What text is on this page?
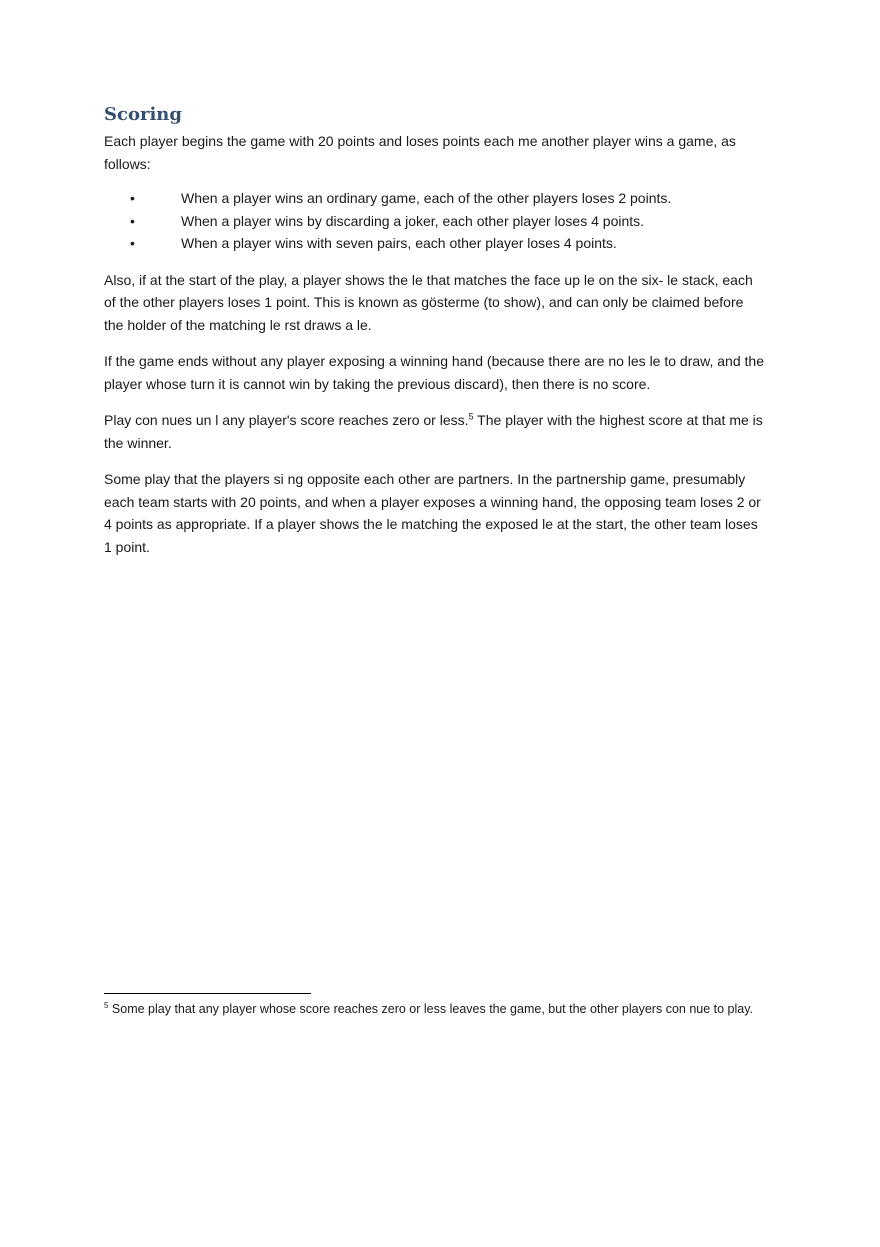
Scoring

Each player begins the game with 20 points and loses points each me another player wins a game, as follows:

•	When a player wins an ordinary game, each of the other players loses 2 points.
•	When a player wins by discarding a joker, each other player loses 4 points.
•	When a player wins with seven pairs, each other player loses 4 points.

Also, if at the start of the play, a player shows the le that matches the face up le on the six- le stack, each of the other players loses 1 point. This is known as gösterme (to show), and can only be claimed before the holder of the matching le rst draws a le.

If the game ends without any player exposing a winning hand (because there are no les le to draw, and the player whose turn it is cannot win by taking the previous discard), then there is no score.

Play con nues un l any player's score reaches zero or less.$^5$ The player with the highest score at that me is the winner.

Some play that the players si ng opposite each other are partners. In the partnership game, presumably each team starts with 20 points, and when a player exposes a winning hand, the opposing team loses 2 or 4 points as appropriate. If a player shows the le matching the exposed le at the start, the other team loses 1 point.

$^5$ Some play that any player whose score reaches zero or less leaves the game, but the other players con nue to play.
